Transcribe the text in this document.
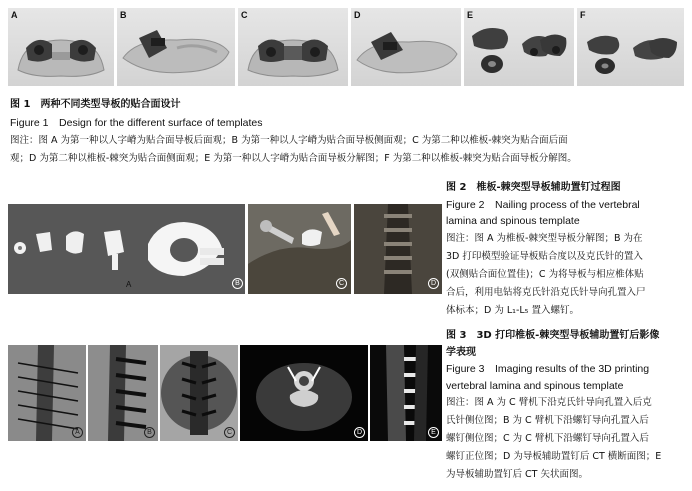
A	B	C	D	E	F
图 1　两种不同类型导板的贴合面设计
Figure 1　Design for the different surface of templates
图注：图 A 为第一种以人字嵴为贴合面导板后面观；B 为第一种以人字嵴为贴合面导板侧面观；C 为第二种以椎板-棘突为贴合面后面
观；D 为第二种以椎板-棘突为贴合面侧面观；E 为第一种以人字嵴为贴合面导板分解图；F 为第二种以椎板-棘突为贴合面导板分解图。
B
A	C	D
图 2　椎板-棘突型导板辅助置钉过程图
Figure 2　Nailing process of the vertebral
lamina and spinous template
图注：图 A 为椎板-棘突型导板分解图；B 为在
3D 打印模型验证导板贴合度以及克氏针的置入
(双侧贴合面位置佳)；C 为将导板与相应椎体贴
合后，利用电钻将克氏针沿克氏针导向孔置入尸
体标本；D 为 L₁-L₅ 置入螺钉。
A	B	C	D	E
图 3　3D 打印椎板-棘突型导板辅助置钉后影像
学表现
Figure 3　Imaging results of the 3D printing
vertebral lamina and spinous template
图注：图 A 为 C 臂机下沿克氏针导向孔置入后克
氏针侧位图；B 为 C 臂机下沿螺钉导向孔置入后
螺钉侧位图；C 为 C 臂机下沿螺钉导向孔置入后
螺钉正位图；D 为导板辅助置钉后 CT 横断面图；E
为导板辅助置钉后 CT 矢状面图。
